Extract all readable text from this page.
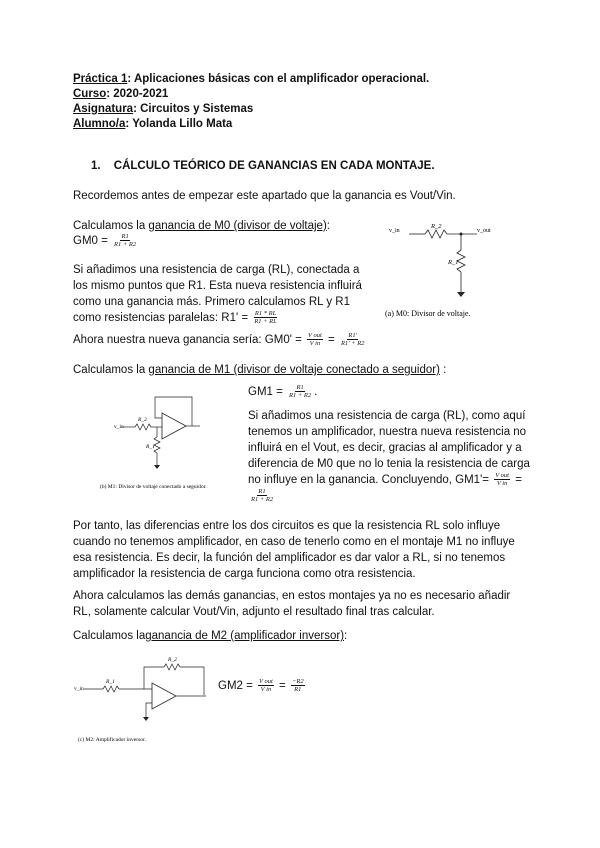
Práctica 1: Aplicaciones básicas con el amplificador operacional.
Curso: 2020-2021
Asignatura: Circuitos y Sistemas
Alumno/a: Yolanda Lillo Mata
1. CÁLCULO TEÓRICO DE GANANCIAS EN CADA MONTAJE.
Recordemos antes de empezar este apartado que la ganancia es Vout/Vin.
Calculamos la ganancia de M0 (divisor de voltaje):
$GM0 = \frac{R1}{R1 + R2}$
Si añadimos una resistencia de carga (RL), conectada a los mismo puntos que R1. Esta nueva resistencia influirá como una ganancia más. Primero calculamos RL y R1 como resistencias paralelas: $R1' = \frac{R1 * RL}{R1 + RL}$
Ahora nuestra nueva ganancia sería: $GM0' = \frac{\text{V out}}{\text{V in}} = \frac{R1'}{R1' + R2}$
v_in
R_2
v_out
R_1
(a) M0: Divisor de voltaje.
Calculamos la ganancia de M1 (divisor de voltaje conectado a seguidor) :
v_in
R_2
R_1
(b) M1: Divisor de voltaje conectado a seguidor.
$GM1 = \frac{R1}{R1 + R2}$ .
Si añadimos una resistencia de carga (RL), como aquí tenemos un amplificador, nuestra nueva resistencia no influirá en el Vout, es decir, gracias al amplificador y a diferencia de M0 que no lo tenia la resistencia de carga no influye en la ganancia. Concluyendo, $GM1'= \frac{\text{V out}}{\text{V in}}$ =
$\frac{R1}{R1 + R2}$
Por tanto, las diferencias entre los dos circuitos es que la resistencia RL solo influye cuando no tenemos amplificador, en caso de tenerlo como en el montaje M1 no influye esa resistencia. Es decir, la función del amplificador es dar valor a RL, si no tenemos amplificador la resistencia de carga funciona como otra resistencia.
Ahora calculamos las demás ganancias, en estos montajes ya no es necesario añadir RL, solamente calcular Vout/Vin, adjunto el resultado final tras calcular.
Calculamos laganancia de M2 (amplificador inversor):
v_in
R_1
R_2
(c) M2: Amplificador inversor.
$GM2 = \frac{\text{V out}}{\text{V in}} = \frac{-R2}{R1}$
